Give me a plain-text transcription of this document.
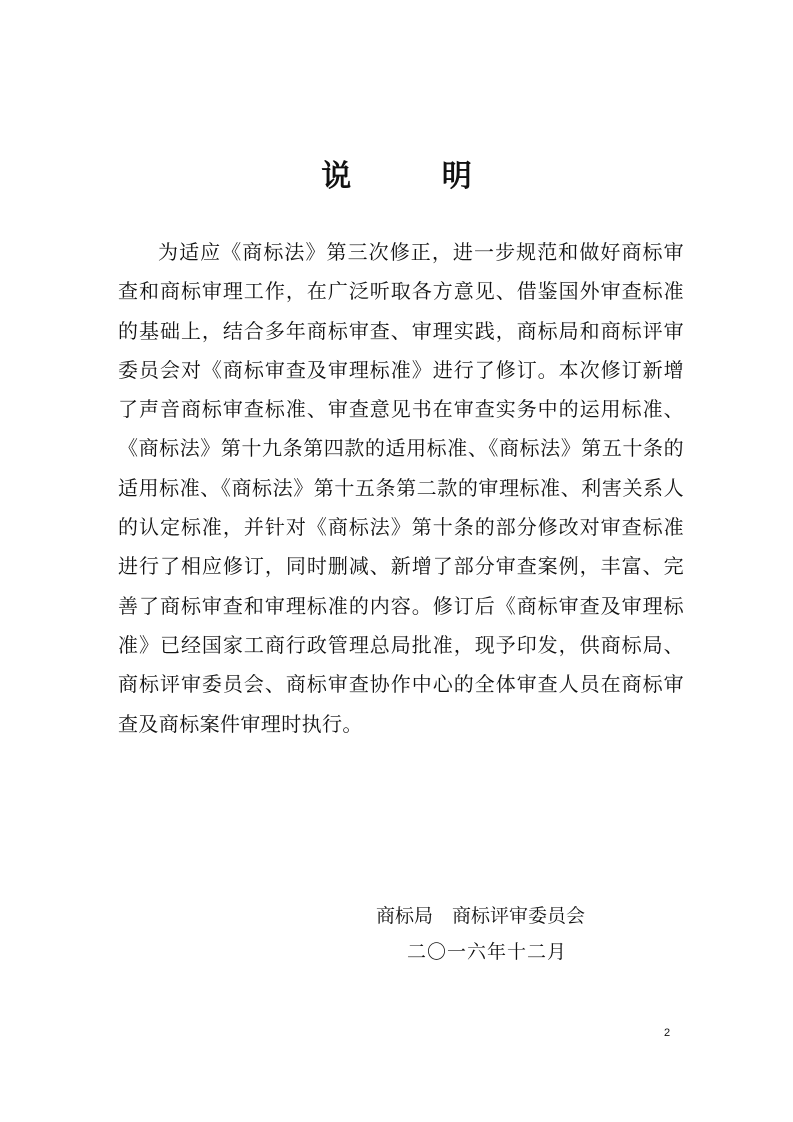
说 明

为适应《商标法》第三次修正，进一步规范和做好商标审查和商标审理工作，在广泛听取各方意见、借鉴国外审查标准的基础上，结合多年商标审查、审理实践，商标局和商标评审委员会对《商标审查及审理标准》进行了修订。本次修订新增了声音商标审查标准、审查意见书在审查实务中的运用标准、《商标法》第十九条第四款的适用标准、《商标法》第五十条的适用标准、《商标法》第十五条第二款的审理标准、利害关系人的认定标准，并针对《商标法》第十条的部分修改对审查标准进行了相应修订，同时删减、新增了部分审查案例，丰富、完善了商标审查和审理标准的内容。修订后《商标审查及审理标准》已经国家工商行政管理总局批准，现予印发，供商标局、商标评审委员会、商标审查协作中心的全体审查人员在商标审查及商标案件审理时执行。

商标局　商标评审委员会
二〇一六年十二月
2
